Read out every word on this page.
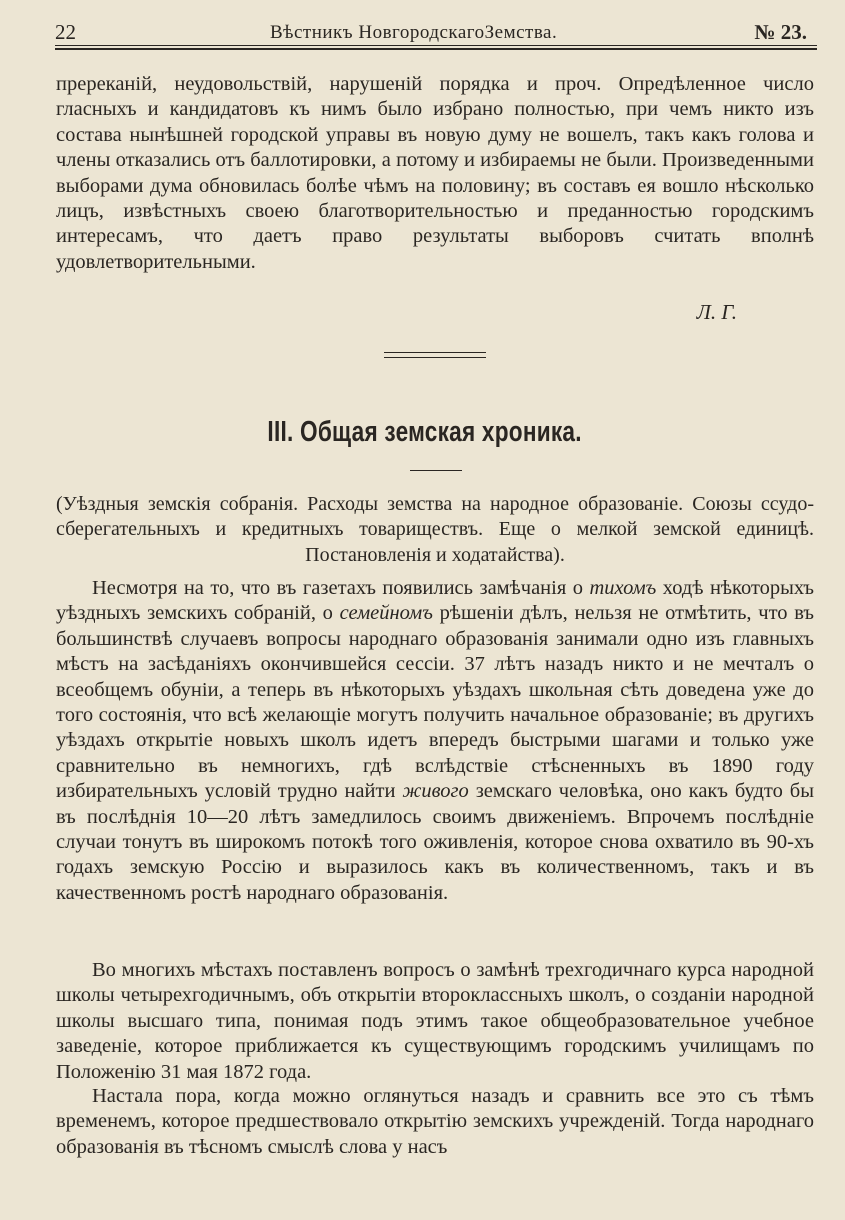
22	Вѣстникъ НовгородскагоЗемства.	№ 23.
пререканій, неудовольствій, нарушеній порядка и проч. Опредѣленное число гласныхъ и кандидатовъ къ нимъ было избрано полностью, при чемъ никто изъ состава нынѣшней городской управы въ новую думу не вошелъ, такъ какъ голова и члены отказались отъ баллотировки, а потому и избираемы не были. Произведенными выборами дума обновилась болѣе чѣмъ на половину; въ составъ ея вошло нѣсколько лицъ, извѣстныхъ своею благотворительностью и преданностью городскимъ интересамъ, что даетъ право результаты выборовъ считать вполнѣ удовлетворительными.
Л. Г.
III. Общая земская хроника.
(Уѣздныя земскія собранія. Расходы земства на народное образованіе. Союзы ссудо-сберегательныхъ и кредитныхъ товариществъ. Еще о мелкой земской единицѣ. Постановленія и ходатайства).
Несмотря на то, что въ газетахъ появились замѣчанія о тихомъ ходѣ нѣкоторыхъ уѣздныхъ земскихъ собраній, о семейномъ рѣшеніи дѣлъ, нельзя не отмѣтить, что въ большинствѣ случаевъ вопросы народнаго образованія занимали одно изъ главныхъ мѣстъ на засѣданіяхъ окончившейся сессіи. 37 лѣтъ назадъ никто и не мечталъ о всеобщемъ обуніи, а теперь въ нѣкоторыхъ уѣздахъ школьная сѣть доведена уже до того состоянія, что всѣ желающіе могутъ получить начальное образованіе; въ другихъ уѣздахъ открытіе новыхъ школъ идетъ впередъ быстрыми шагами и только уже сравнительно въ немногихъ, гдѣ вслѣдствіе стѣсненныхъ въ 1890 году избирательныхъ условій трудно найти живого земскаго человѣка, оно какъ будто бы въ послѣднія 10—20 лѣтъ замедлилось своимъ движеніемъ. Впрочемъ послѣдніе случаи тонутъ въ широкомъ потокѣ того оживленія, которое снова охватило въ 90-хъ годахъ земскую Россію и выразилось какъ въ количественномъ, такъ и въ качественномъ ростѣ народнаго образованія.
Во многихъ мѣстахъ поставленъ вопросъ о замѣнѣ трехгодичнаго курса народной школы четырехгодичнымъ, объ открытіи второклассныхъ школъ, о созданіи народной школы высшаго типа, понимая подъ этимъ такое общеобразовательное учебное заведеніе, которое приближается къ существующимъ городскимъ училищамъ по Положенію 31 мая 1872 года.
Настала пора, когда можно оглянуться назадъ и сравнить все это съ тѣмъ временемъ, которое предшествовало открытію земскихъ учрежденій. Тогда народнаго образованія въ тѣсномъ смыслѣ слова у насъ
